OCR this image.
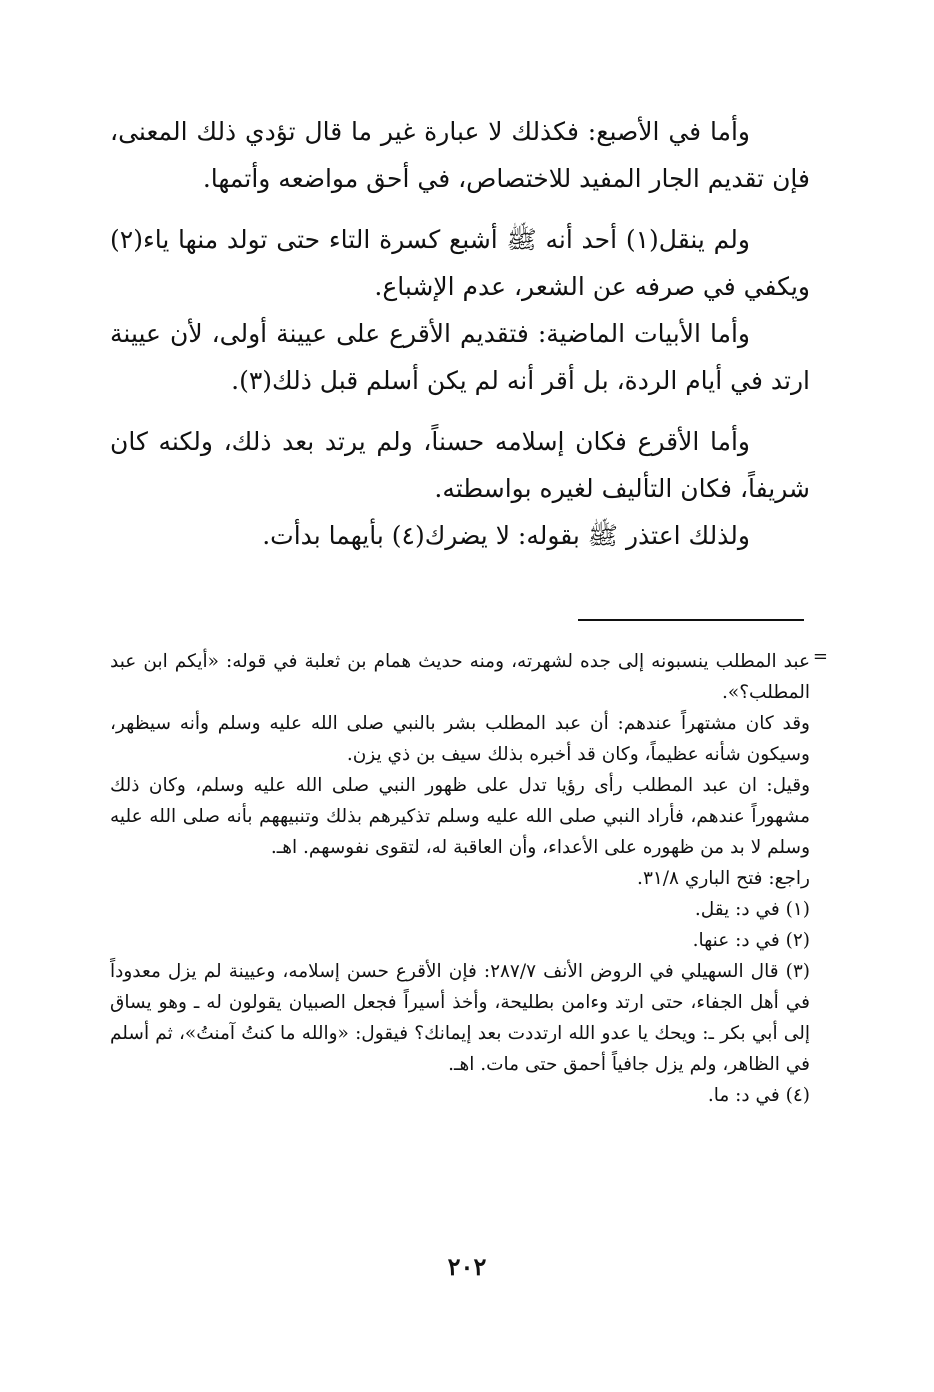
وأما في الأصبع: فكذلك لا عبارة غير ما قال تؤدي ذلك المعنى، فإن تقديم الجار المفيد للاختصاص، في أحق مواضعه وأتمها.

ولم ينقل(١) أحد أنه ﷺ أشبع كسرة التاء حتى تولد منها ياء(٢) ويكفي في صرفه عن الشعر، عدم الإشباع.

وأما الأبيات الماضية: فتقديم الأقرع على عيينة أولى، لأن عيينة ارتد في أيام الردة، بل أقر أنه لم يكن أسلم قبل ذلك(٣).

وأما الأقرع فكان إسلامه حسناً، ولم يرتد بعد ذلك، ولكنه كان شريفاً، فكان التأليف لغيره بواسطته.

ولذلك اعتذر ﷺ بقوله: لا يضرك(٤) بأيهما بدأت.

=

عبد المطلب ينسبونه إلى جده لشهرته، ومنه حديث همام بن ثعلبة في قوله: «أيكم ابن عبد المطلب؟».

وقد كان مشتهراً عندهم: أن عبد المطلب بشر بالنبي صلى الله عليه وسلم وأنه سيظهر، وسيكون شأنه عظيماً، وكان قد أخبره بذلك سيف بن ذي يزن.

وقيل: ان عبد المطلب رأى رؤيا تدل على ظهور النبي صلى الله عليه وسلم، وكان ذلك مشهوراً عندهم، فأراد النبي صلى الله عليه وسلم تذكيرهم بذلك وتنبيههم بأنه صلى الله عليه وسلم لا بد من ظهوره على الأعداء، وأن العاقبة له، لتقوى نفوسهم. اهـ.

راجع: فتح الباري ٣١/٨.

(١) في د: يقل.

(٢) في د: عنها.

(٣) قال السهيلي في الروض الأنف ٢٨٧/٧: فإن الأقرع حسن إسلامه، وعيينة لم يزل معدوداً في أهل الجفاء، حتى ارتد وءامن بطليحة، وأخذ أسيراً فجعل الصبيان يقولون له ـ وهو يساق إلى أبي بكر ـ: ويحك يا عدو الله ارتددت بعد إيمانك؟ فيقول: «والله ما كنتُ آمنتُ»، ثم أسلم في الظاهر، ولم يزل جافياً أحمق حتى مات. اهـ.

(٤) في د: ما.

٢٠٢
